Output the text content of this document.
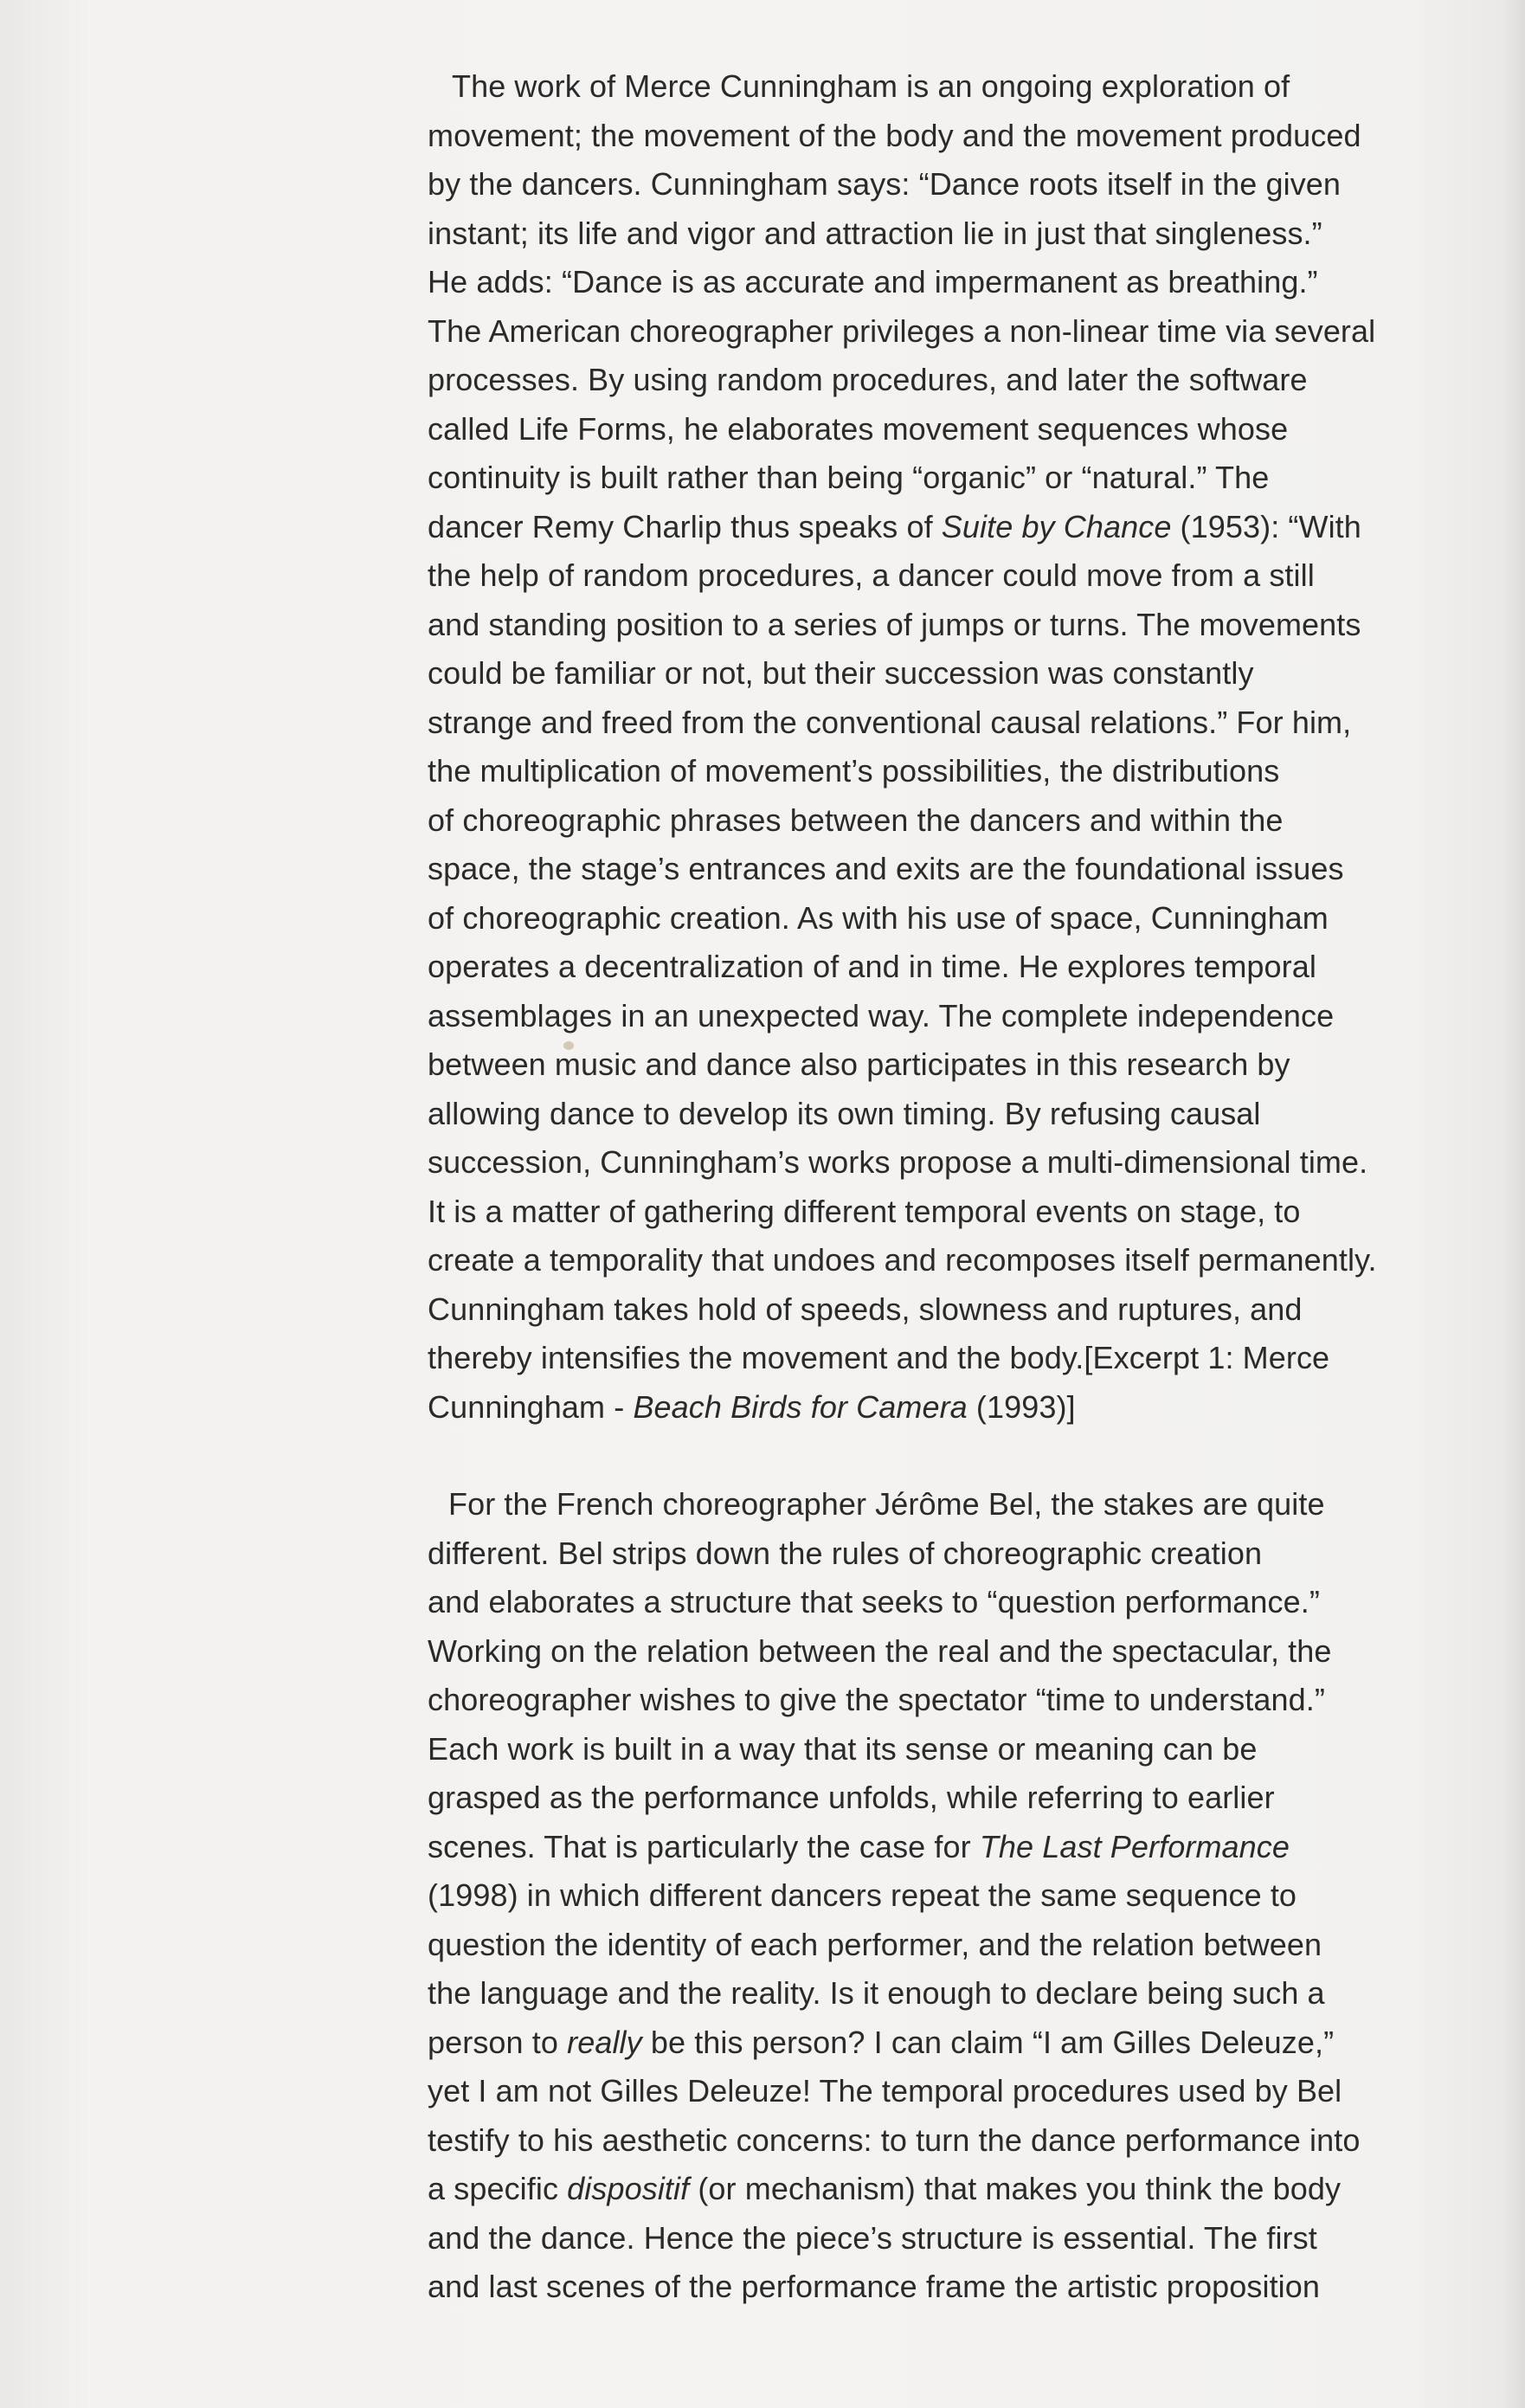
The work of Merce Cunningham is an ongoing exploration of
movement; the movement of the body and the movement produced
by the dancers. Cunningham says: “Dance roots itself in the given
instant; its life and vigor and attraction lie in just that singleness.”
He adds: “Dance is as accurate and impermanent as breathing.”
The American choreographer privileges a non-linear time via several
processes. By using random procedures, and later the software
called Life Forms, he elaborates movement sequences whose
continuity is built rather than being “organic” or “natural.” The
dancer Remy Charlip thus speaks of Suite by Chance (1953): “With
the help of random procedures, a dancer could move from a still
and standing position to a series of jumps or turns. The movements
could be familiar or not, but their succession was constantly
strange and freed from the conventional causal relations.” For him,
the multiplication of movement’s possibilities, the distributions
of choreographic phrases between the dancers and within the
space, the stage’s entrances and exits are the foundational issues
of choreographic creation. As with his use of space, Cunningham
operates a decentralization of and in time. He explores temporal
assemblages in an unexpected way. The complete independence
between music and dance also participates in this research by
allowing dance to develop its own timing. By refusing causal
succession, Cunningham’s works propose a multi-dimensional time.
It is a matter of gathering different temporal events on stage, to
create a temporality that undoes and recomposes itself permanently.
Cunningham takes hold of speeds, slowness and ruptures, and
thereby intensifies the movement and the body.[Excerpt 1: Merce
Cunningham - Beach Birds for Camera (1993)]
For the French choreographer Jérôme Bel, the stakes are quite
different. Bel strips down the rules of choreographic creation
and elaborates a structure that seeks to “question performance.”
Working on the relation between the real and the spectacular, the
choreographer wishes to give the spectator “time to understand.”
Each work is built in a way that its sense or meaning can be
grasped as the performance unfolds, while referring to earlier
scenes. That is particularly the case for The Last Performance
(1998) in which different dancers repeat the same sequence to
question the identity of each performer, and the relation between
the language and the reality. Is it enough to declare being such a
person to really be this person? I can claim “I am Gilles Deleuze,”
yet I am not Gilles Deleuze! The temporal procedures used by Bel
testify to his aesthetic concerns: to turn the dance performance into
a specific dispositif (or mechanism) that makes you think the body
and the dance. Hence the piece’s structure is essential. The first
and last scenes of the performance frame the artistic proposition
